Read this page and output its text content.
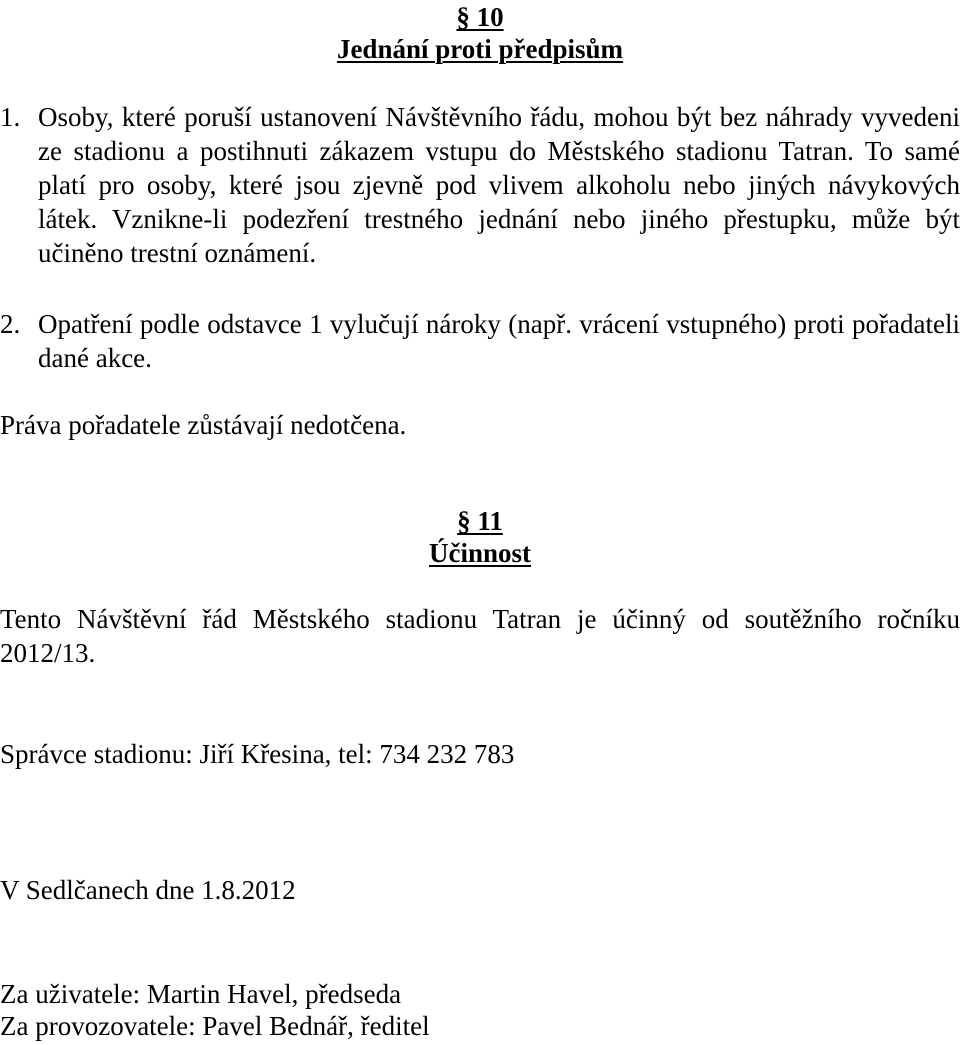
§ 10
Jednání proti předpisům
1. Osoby, které poruší ustanovení Návštěvního řádu, mohou být bez náhrady vyvedeni ze stadionu a postihnuti zákazem vstupu do Městského stadionu Tatran. To samé platí pro osoby, které jsou zjevně pod vlivem alkoholu nebo jiných návykových látek. Vznikne-li podezření trestného jednání nebo jiného přestupku, může být učiněno trestní oznámení.
2. Opatření podle odstavce 1 vylučují nároky (např. vrácení vstupného) proti pořadateli dané akce.
Práva pořadatele zůstávají nedotčena.
§ 11
Účinnost
Tento Návštěvní řád Městského stadionu Tatran je účinný od soutěžního ročníku 2012/13.
Správce stadionu: Jiří Křesina, tel: 734 232 783
V Sedlčanech dne 1.8.2012
Za uživatele: Martin Havel, předseda
Za provozovatele: Pavel Bednář, ředitel
